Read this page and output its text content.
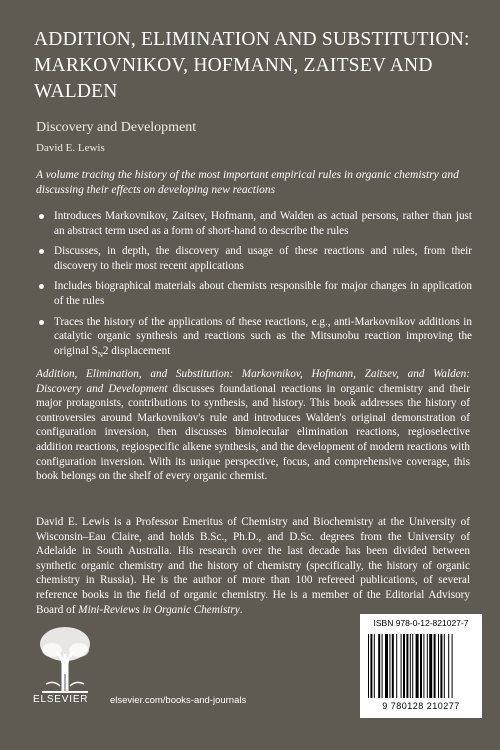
ADDITION, ELIMINATION AND SUBSTITUTION: MARKOVNIKOV, HOFMANN, ZAITSEV AND WALDEN
Discovery and Development
David E. Lewis
A volume tracing the history of the most important empirical rules in organic chemistry and discussing their effects on developing new reactions
Introduces Markovnikov, Zaitsev, Hofmann, and Walden as actual persons, rather than just an abstract term used as a form of short-hand to describe the rules
Discusses, in depth, the discovery and usage of these reactions and rules, from their discovery to their most recent applications
Includes biographical materials about chemists responsible for major changes in application of the rules
Traces the history of the applications of these reactions, e.g., anti-Markovnikov additions in catalytic organic synthesis and reactions such as the Mitsunobu reaction improving the original $S_N2$ displacement
Addition, Elimination, and Substitution: Markovnikov, Hofmann, Zaitsev, and Walden: Discovery and Development discusses foundational reactions in organic chemistry and their major protagonists, contributions to synthesis, and history. This book addresses the history of controversies around Markovnikov's rule and introduces Walden's original demonstration of configuration inversion, then discusses bimolecular elimination reactions, regioselective addition reactions, regiospecific alkene synthesis, and the development of modern reactions with configuration inversion. With its unique perspective, focus, and comprehensive coverage, this book belongs on the shelf of every organic chemist.
David E. Lewis is a Professor Emeritus of Chemistry and Biochemistry at the University of Wisconsin–Eau Claire, and holds B.Sc., Ph.D., and D.Sc. degrees from the University of Adelaide in South Australia. His research over the last decade has been divided between synthetic organic chemistry and the history of chemistry (specifically, the history of organic chemistry in Russia). He is the author of more than 100 refereed publications, of several reference books in the field of organic chemistry. He is a member of the Editorial Advisory Board of Mini-Reviews in Organic Chemistry.
ELSEVIER elsevier.com/books-and-journals
ISBN 978-0-12-821027-7
9 780128 210277
